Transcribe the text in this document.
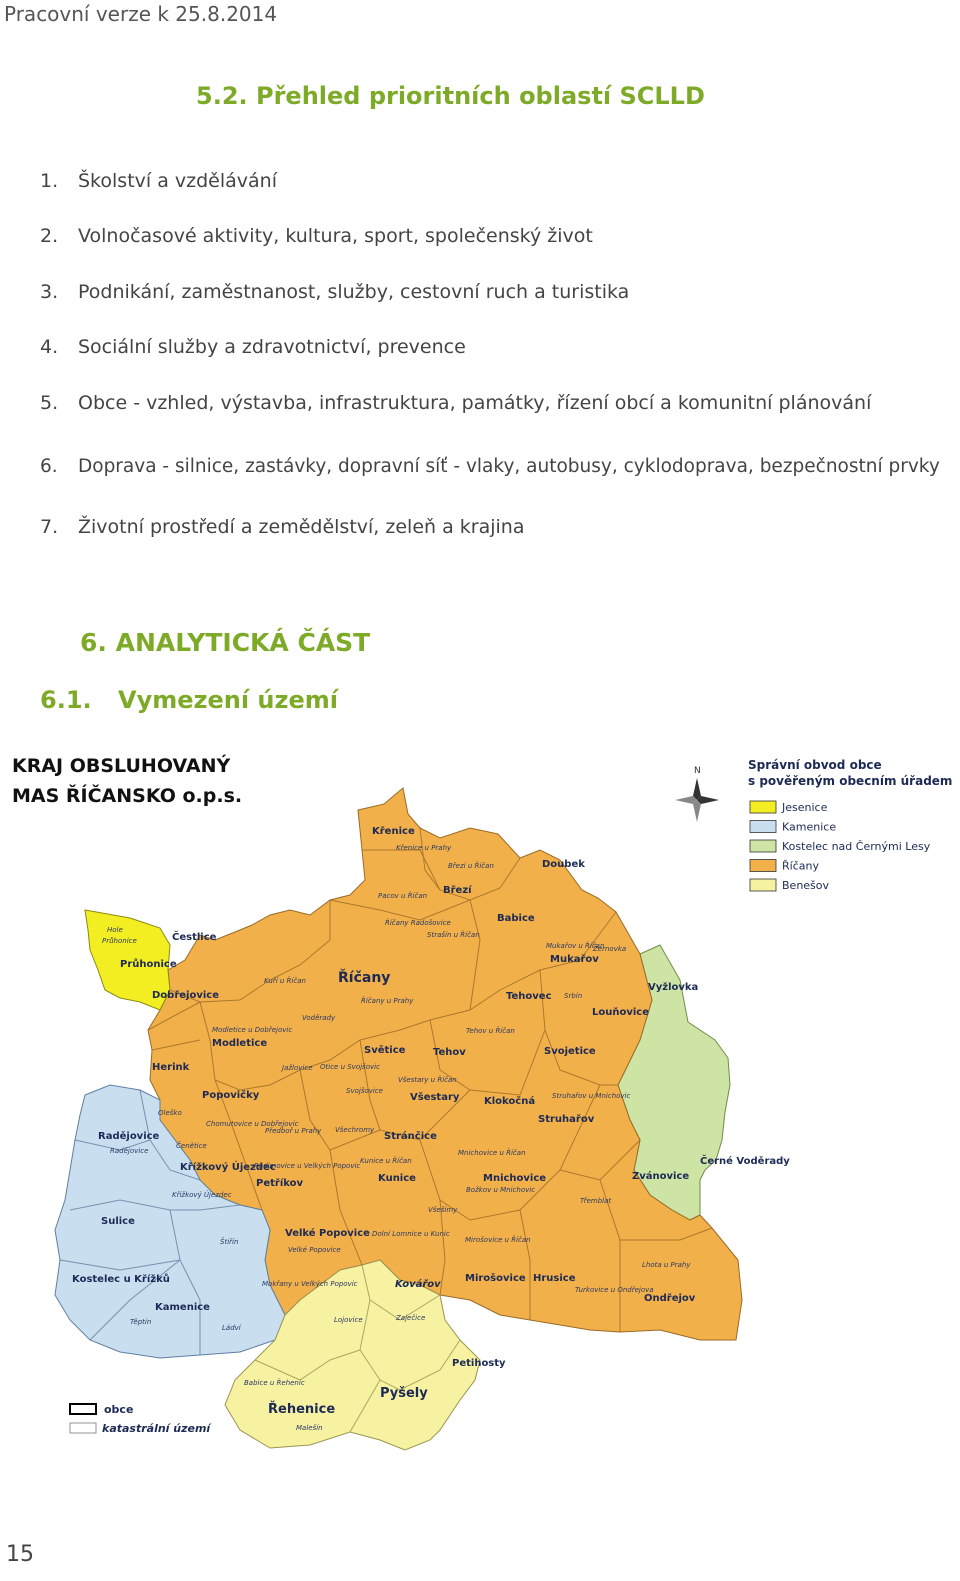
Pracovní verze k 25.8.2014
5.2. Přehled prioritních oblastí SCLLD
1. Školství a vzdělávání
2. Volnočasové aktivity, kultura, sport, společenský život
3. Podnikání, zaměstnanost, služby, cestovní ruch a turistika
4. Sociální služby a zdravotnictví, prevence
5. Obce - vzhled, výstavba, infrastruktura, památky, řízení obcí a komunitní plánování
6. Doprava - silnice, zastávky, dopravní síť - vlaky, autobusy, cyklodoprava, bezpečnostní prvky
7. Životní prostředí a zemědělství, zeleň a krajina
6. ANALYTICKÁ ČÁST
6.1. Vymezení území
N
KRAJ OBSLUHOVANÝ
MAS ŘÍČANSKO o.p.s.
Správní obvod obce
s pověřeným obecním úřadem
Jesenice
Kamenice
Kostelec nad Černými Lesy
Říčany
Benešov
obce
katastrální území
Křenice
Doubek
Březí
Babice
Čestlice
Průhonice
Říčany
Mukařov
Vyžlovka
Dobřejovice	Tehovec
Louňovice
Modletice
Světice	Tehov	Svojetice
Herink
Popovičky	Všestary Klokočná
Struhařov
Radějovice	Stránčice
Křížkový Újezdec
Mnichovice	Zvánovice
Černé Voděrady
Petříkov	Kunice
Sulice
Velké Popovice
Mirošovice Hrusice
Ondřejov
Kostelec u Křížků
Kamenice
Kovářov
Pyšely
Řehenice
Petihosty
Křenice u Prahy
Březí u Říčan
Pacov u Říčan
Hole
Průhonice
Říčany Radošovice
Strašín u Říčan
Mukařov u Říčan
Žernovka
Kuří u Říčan
Říčany u Prahy
Voděrady
Modletice u Dobřejovic
Jažlovice Otice u Svojšovic
Svojšovice
Tehov u Říčan
Srbín
Všestary u Říčan
Struhařov u Mnichovic
Oleško
Radějovice
Čenětice
Chomutovice u Dobřejovic
Předboř u Prahy Všechromy
Radimovice u Velkých Popovic
Mnichovice u Říčan
Křížkový Újezdec
Kunice u Říčan
Božkov u Mnichovic
Třemblat
Štiřín
Velké Popovice
Dolní Lomnice u Kunic
Všešimy
Mirošovice u Říčan
Turkovice u Ondřejova
Lhota u Prahy
Těptín
Ládví
Mokřany u Velkých Popovic
Lojovice	Zaječice
Babice u Řehenic
Malešín
15
